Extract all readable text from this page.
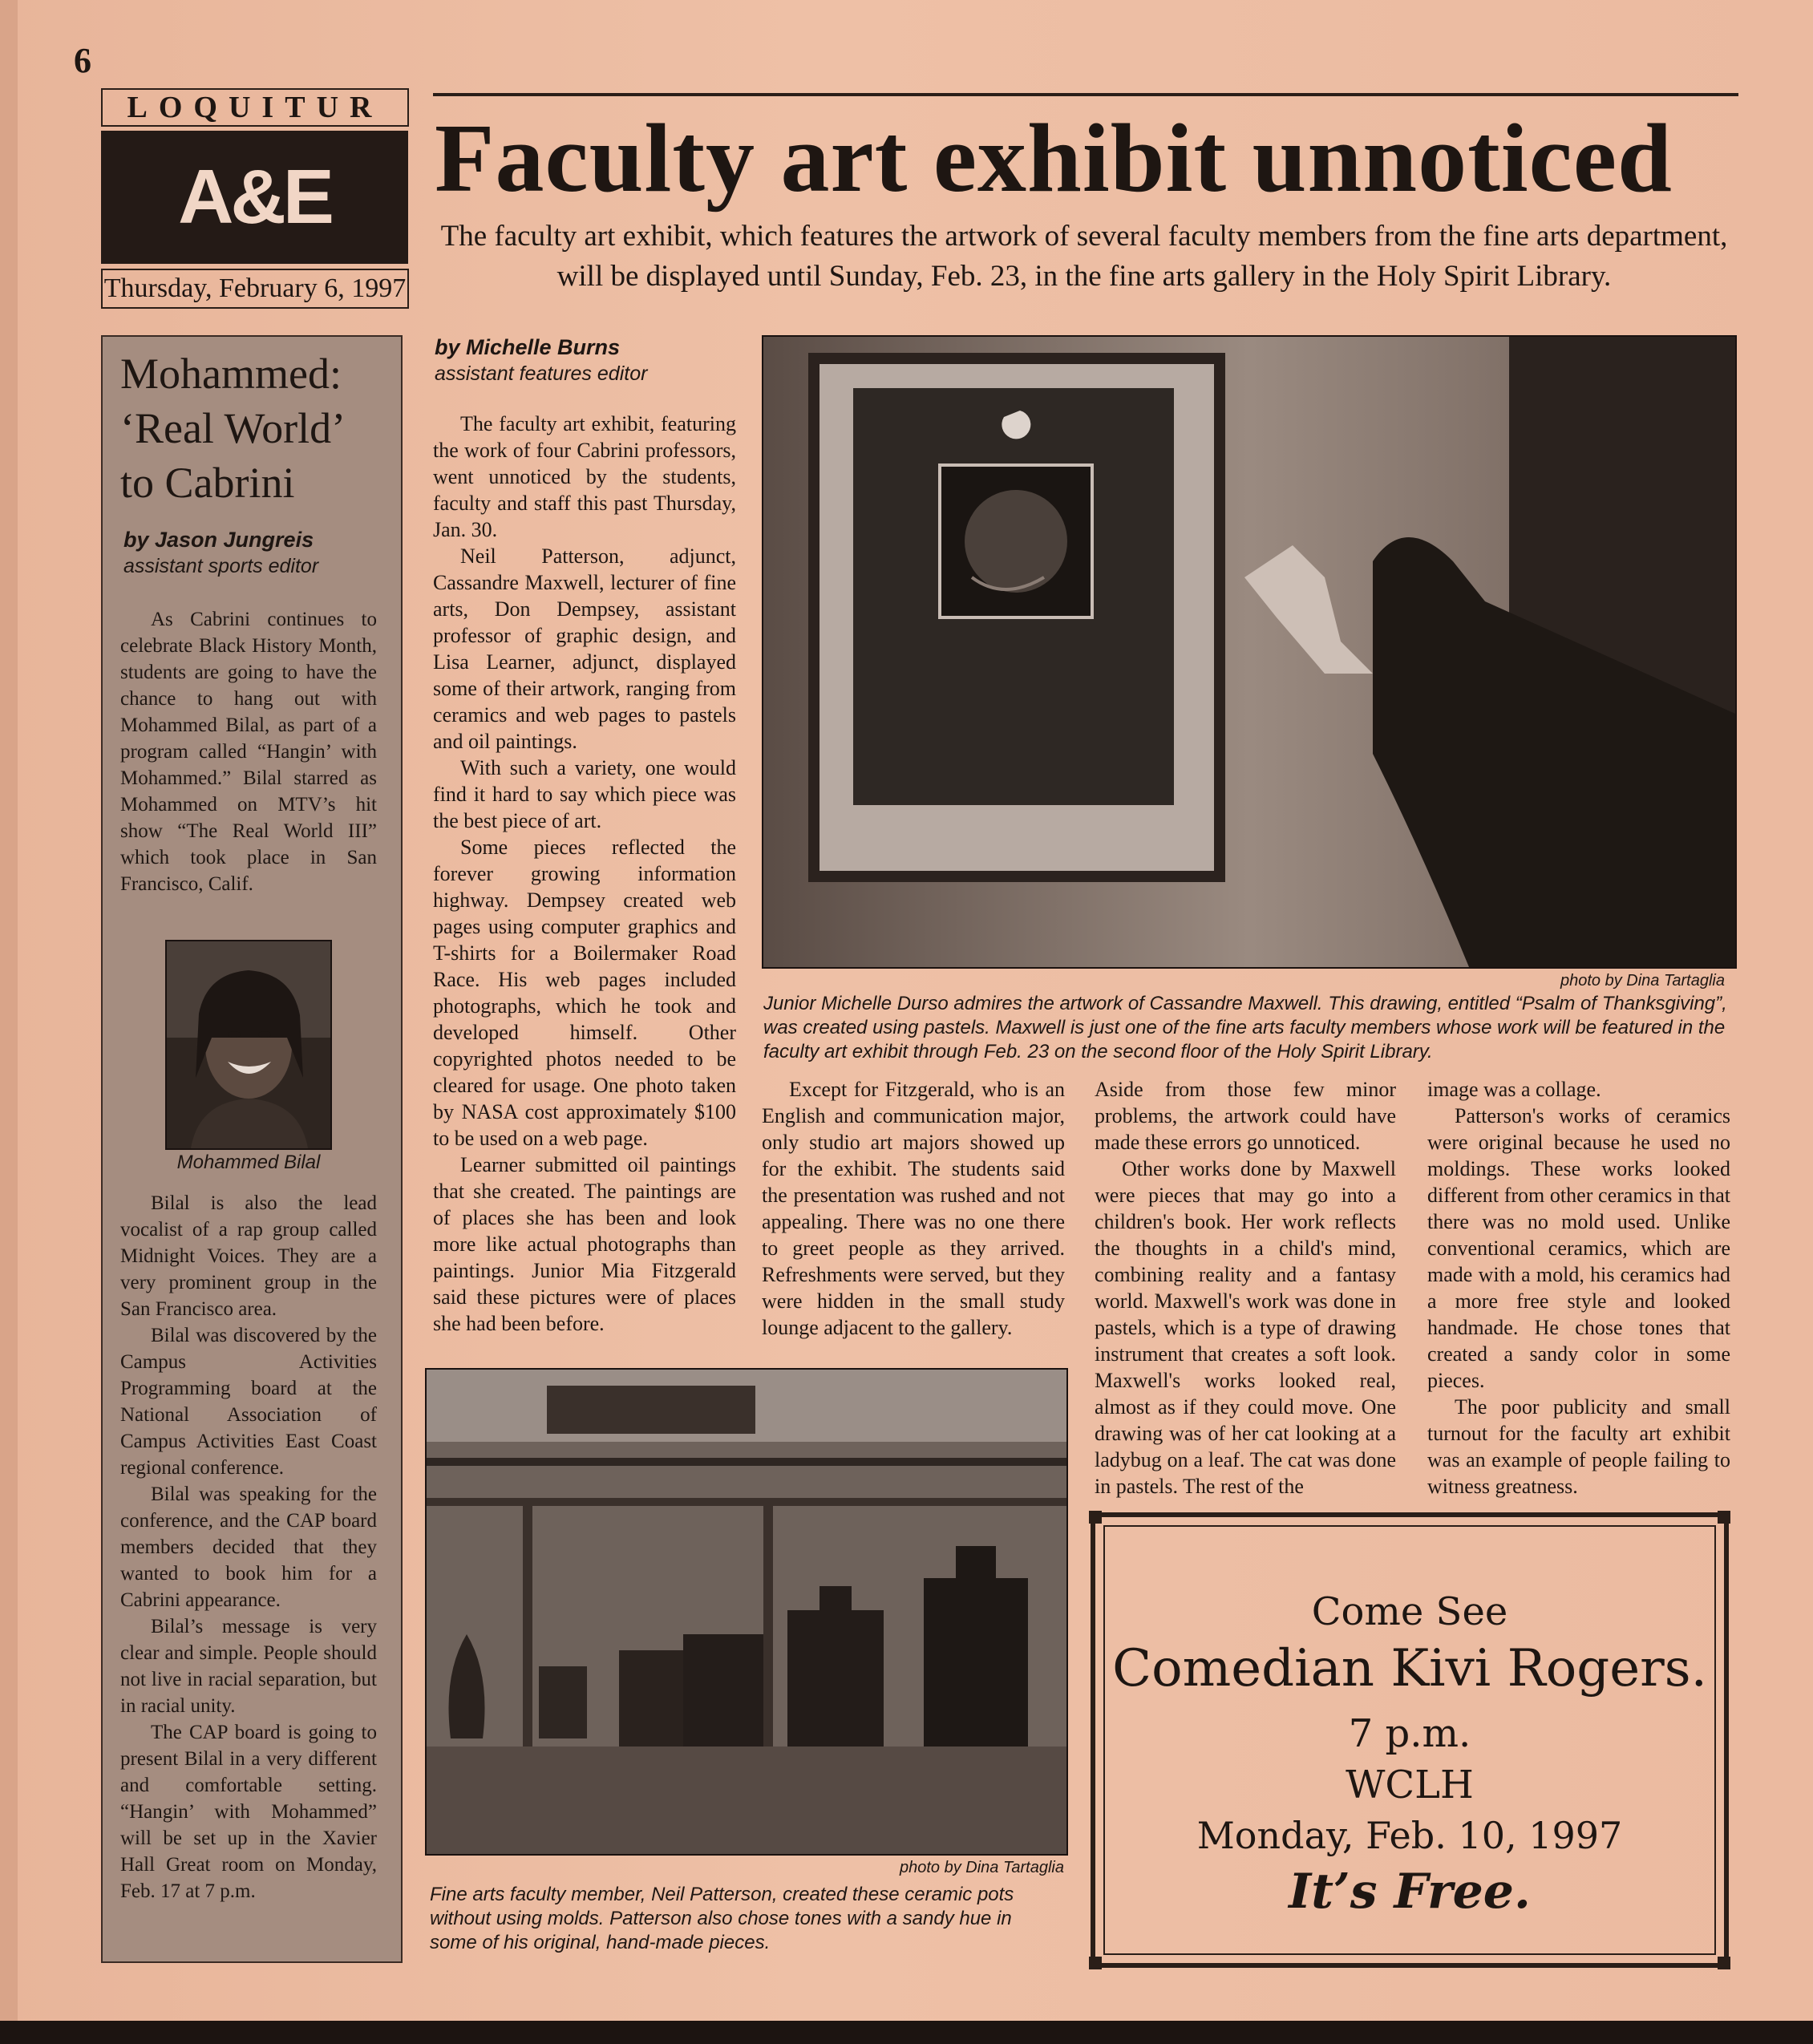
6
LOQUITUR
A&E
Thursday, February 6, 1997
Faculty art exhibit unnoticed
The faculty art exhibit, which features the artwork of several faculty members from the fine arts department, will be displayed until Sunday, Feb. 23, in the fine arts gallery in the Holy Spirit Library.
Mohammed:
‘Real World’
to Cabrini
by Jason Jungreis
assistant sports editor

As Cabrini continues to celebrate Black History Month, students are going to have the chance to hang out with Mohammed Bilal, as part of a program called “Hangin’ with Mohammed.” Bilal starred as Mohammed on MTV’s hit show “The Real World III” which took place in San Francisco, Calif.

Mohammed Bilal

Bilal is also the lead vocalist of a rap group called Midnight Voices. They are a very prominent group in the San Francisco area.

Bilal was discovered by the Campus Activities Programming board at the National Association of Campus Activities East Coast regional conference.

Bilal was speaking for the conference, and the CAP board members decided that they wanted to book him for a Cabrini appearance.

Bilal’s message is very clear and simple. People should not live in racial separation, but in racial unity.

The CAP board is going to present Bilal in a very different and comfortable setting. “Hangin’ with Mohammed” will be set up in the Xavier Hall Great room on Monday, Feb. 17 at 7 p.m.

by Michelle Burns
assistant features editor

The faculty art exhibit, featuring the work of four Cabrini professors, went unnoticed by the students, faculty and staff this past Thursday, Jan. 30.

Neil Patterson, adjunct, Cassandre Maxwell, lecturer of fine arts, Don Dempsey, assistant professor of graphic design, and Lisa Learner, adjunct, displayed some of their artwork, ranging from ceramics and web pages to pastels and oil paintings.

With such a variety, one would find it hard to say which piece was the best piece of art.

Some pieces reflected the forever growing information highway. Dempsey created web pages using computer graphics and T-shirts for a Boilermaker Road Race. His web pages included photographs, which he took and developed himself. Other copyrighted photos needed to be cleared for usage. One photo taken by NASA cost approximately $100 to be used on a web page.

Learner submitted oil paintings that she created. The paintings are of places she has been and look more like actual photographs than paintings. Junior Mia Fitzgerald said these pictures were of places she had been before.

photo by Dina Tartaglia
Junior Michelle Durso admires the artwork of Cassandre Maxwell. This drawing, entitled “Psalm of Thanksgiving”, was created using pastels. Maxwell is just one of the fine arts faculty members whose work will be featured in the faculty art exhibit through Feb. 23 on the second floor of the Holy Spirit Library.

Except for Fitzgerald, who is an English and communication major, only studio art majors showed up for the exhibit. The students said the presentation was rushed and not appealing. There was no one there to greet people as they arrived. Refreshments were served, but they were hidden in the small study lounge adjacent to the gallery.

Aside from those few minor problems, the artwork could have made these errors go unnoticed.

Other works done by Maxwell were pieces that may go into a children's book. Her work reflects the thoughts in a child's mind, combining reality and a fantasy world. Maxwell's work was done in pastels, which is a type of drawing instrument that creates a soft look. Maxwell's works looked real, almost as if they could move. One drawing was of her cat looking at a ladybug on a leaf. The cat was done in pastels. The rest of the

image was a collage.

Patterson's works of ceramics were original because he used no moldings. These works looked different from other ceramics in that there was no mold used. Unlike conventional ceramics, which are made with a mold, his ceramics had a more free style and looked handmade. He chose tones that created a sandy color in some pieces.

The poor publicity and small turnout for the faculty art exhibit was an example of people failing to witness greatness.

photo by Dina Tartaglia
Fine arts faculty member, Neil Patterson, created these ceramic pots without using molds. Patterson also chose tones with a sandy hue in some of his original, hand-made pieces.
Come See
Comedian Kivi Rogers.
7 p.m.
WCLH
Monday, Feb. 10, 1997
It’s Free.
